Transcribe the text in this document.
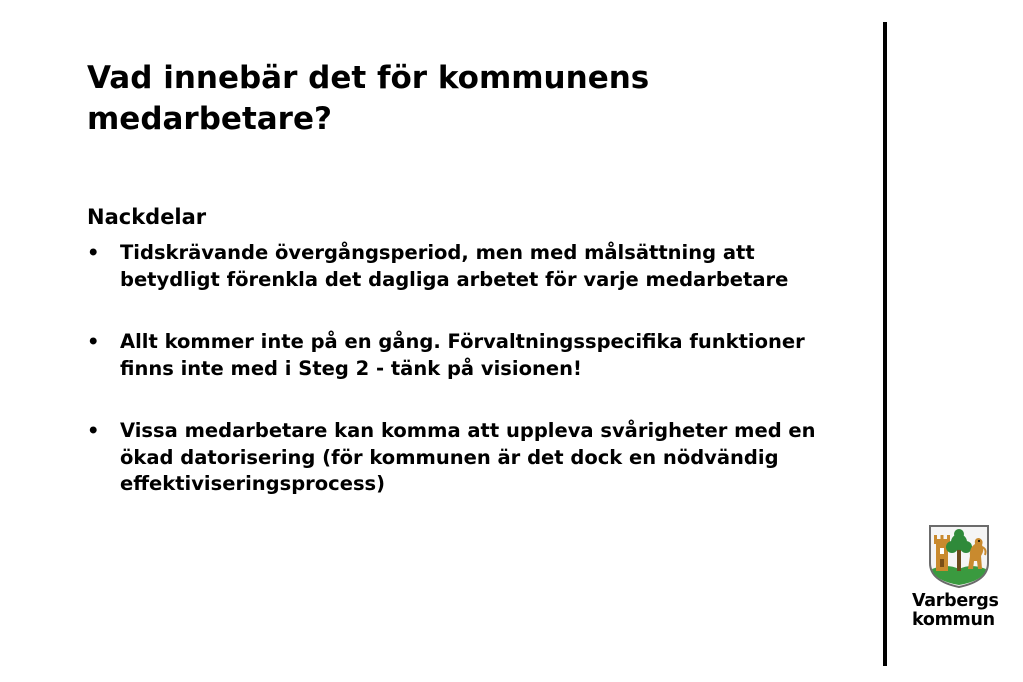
Vad innebär det för kommunens medarbetare?
Nackdelar
•	Tidskrävande övergångsperiod, men med målsättning att betydligt förenkla det dagliga arbetet för varje medarbetare
•	Allt kommer inte på en gång. Förvaltningsspecifika funktioner finns inte med i Steg 2 - tänk på visionen!
•	Vissa medarbetare kan komma att uppleva svårigheter med en ökad datorisering (för kommunen är det dock en nödvändig effektiviseringsprocess)
Varbergs
kommun
